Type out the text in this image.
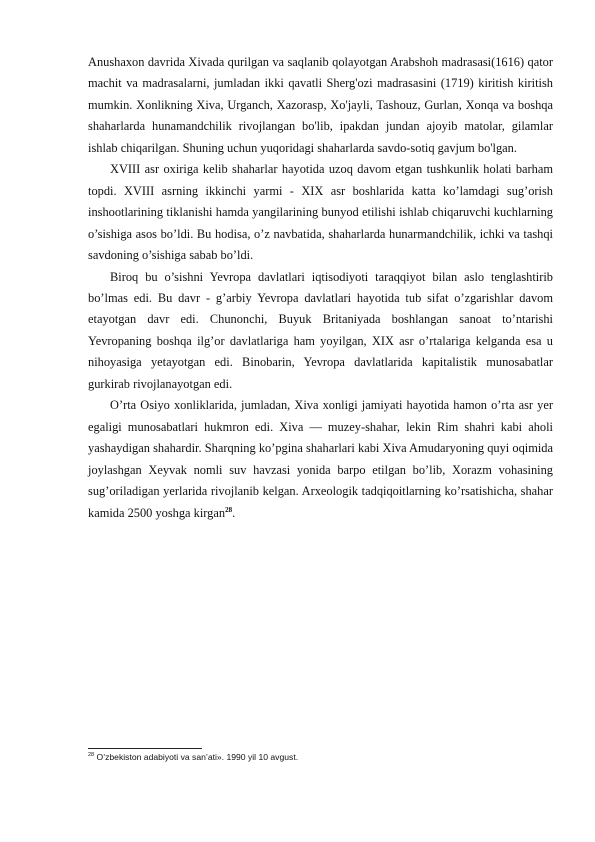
Anushaxon davrida Xivada qurilgan va saqlanib qolayotgan Arabshoh madrasasi(1616) qator machit va madrasalarni, jumladan ikki qavatli Sherg'ozi madrasasini (1719) kiritish kiritish mumkin. Xonlikning Xiva, Urganch, Xazorasp, Xo'jayli, Tashouz, Gurlan, Xonqa va boshqa shaharlarda hunamandchilik rivojlangan bo'lib, ipakdan jundan ajoyib matolar, gilamlar ishlab chiqarilgan. Shuning uchun yuqoridagi shaharlarda savdo-sotiq gavjum bo'lgan.

XVIII asr oxiriga kelib shaharlar hayotida uzoq davom etgan tushkunlik holati barham topdi. XVIII asrning ikkinchi yarmi - XIX asr boshlarida katta ko’lamdagi sug’orish inshootlarining tiklanishi hamda yangilarining bunyod etilishi ishlab chiqaruvchi kuchlarning o’sishiga asos bo’ldi. Bu hodisa, o’z navbatida, shaharlarda hunarmandchilik, ichki va tashqi savdoning o’sishiga sabab bo’ldi.

Biroq bu o’sishni Yevropa davlatlari iqtisodiyoti taraqqiyot bilan aslo tenglashtirib bo’lmas edi. Bu davr - g’arbiy Yevropa davlatlari hayotida tub sifat o’zgarishlar davom etayotgan davr edi. Chunonchi, Buyuk Britaniyada boshlangan sanoat to’ntarishi Yevropaning boshqa ilg’or davlatlariga ham yoyilgan, XIX asr o’rtalariga kelganda esa u nihoyasiga yetayotgan edi. Binobarin, Yevropa davlatlarida kapitalistik munosabatlar gurkirab rivojlanayotgan edi.

O’rta Osiyo xonliklarida, jumladan, Xiva xonligi jamiyati hayotida hamon o’rta asr yer egaligi munosabatlari hukmron edi. Xiva — muzey-shahar, lekin Rim shahri kabi aholi yashaydigan shahardir. Sharqning ko’pgina shaharlari kabi Xiva Amudaryoning quyi oqimida joylashgan Xeyvak nomli suv havzasi yonida barpo etilgan bo’lib, Xorazm vohasining sug’oriladigan yerlarida rivojlanib kelgan. Arxeologik tadqiqoitlarning ko’rsatishicha, shahar kamida 2500 yoshga kirgan$^{28}$.

$^{28}$ O’zbekiston adabiyoti va san’ati». 1990 yil 10 avgust.
